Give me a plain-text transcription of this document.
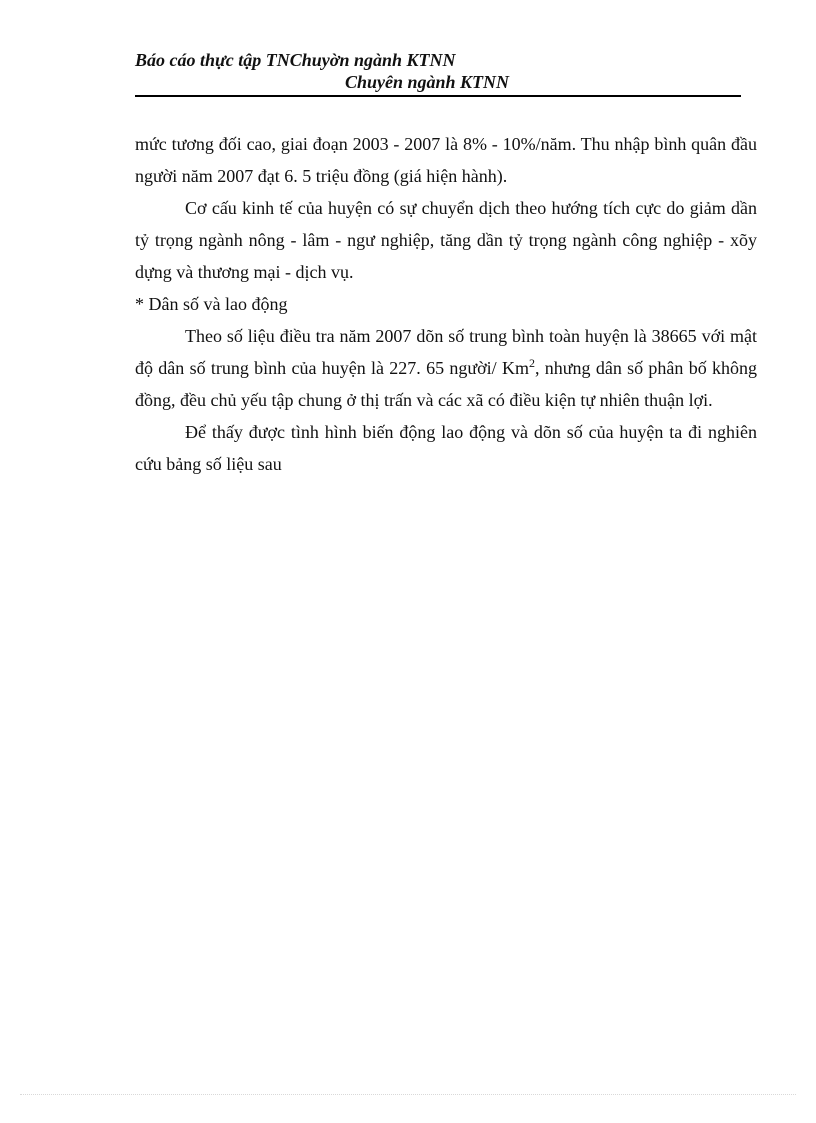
Báo cáo thực tập TNChuyờn ngành KTNN
Chuyên ngành KTNN

mức tương đối cao, giai đoạn 2003 - 2007 là 8% - 10%/năm. Thu nhập bình quân đầu người năm 2007 đạt 6. 5 triệu đồng (giá hiện hành).

Cơ cấu kinh tế của huyện có sự chuyển dịch theo hướng tích cực do giảm dần tỷ trọng ngành nông - lâm - ngư nghiệp, tăng dần tỷ trọng ngành công nghiệp - xõy dựng và thương mại - dịch vụ.

* Dân số và lao động

Theo số liệu điều tra năm 2007 dõn số trung bình toàn huyện là 38665 với mật độ dân số trung bình của huyện là 227. 65 người/ Km$^2$, nhưng dân số phân bố không đồng, đều chủ yếu tập chung ở thị trấn và các xã có điều kiện tự nhiên thuận lợi.

Để thấy được tình hình biến động lao động và dõn số của huyện ta đi nghiên cứu bảng số liệu sau
